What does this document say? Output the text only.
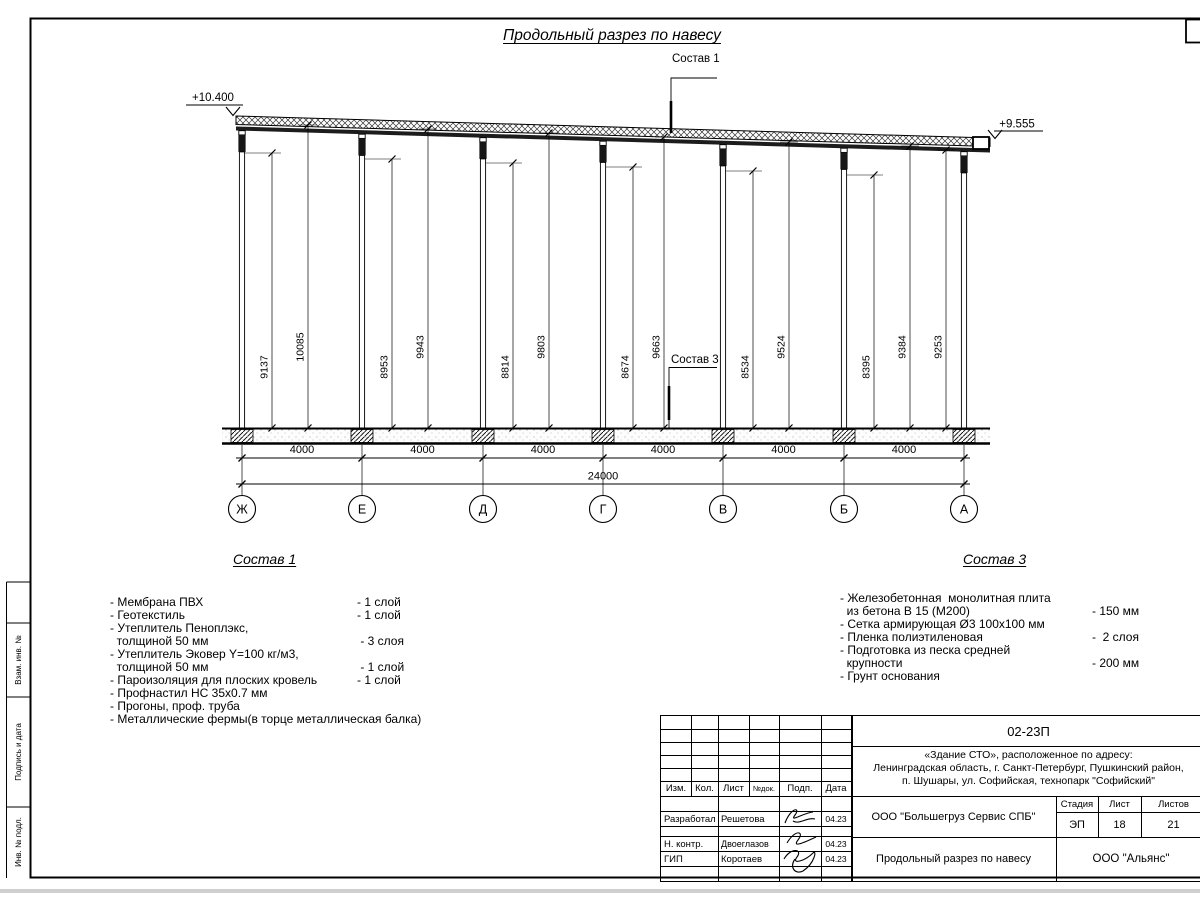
Взам. инв. №
Подпись и дата
Инв. № подл.
9137
10085
8953
9943
8814
9803
8674
9663
8534
9524
8395
9384 9253
4000	4000	4000	4000	4000	4000
24000
Ж	Е	Д	Г	В	Б	А
+10.400
+9.555
Состав 1
Состав 3
Продольный разрез по навесу
Состав 1
- Мембрана ПВХ	- 1 слой
- Геотекстиль	- 1 слой
- Утеплитель Пеноплэкс,
толщиной 50 мм	- 3 слоя
- Утеплитель Эковер Y=100 кг/м3,
толщиной 50 мм	- 1 слой
- Пароизоляция для плоских кровель	- 1 слой
- Профнастил НС 35х0.7 мм
- Прогоны, проф. труба
- Металлические фермы(в торце металлическая балка)
Состав 3
- Железобетонная  монолитная плита
из бетона В 15 (М200)	- 150 мм
- Сетка армирующая Ø3 100х100 мм
- Пленка полиэтиленовая	-  2 слоя
- Подготовка из песка средней
крупности	- 200 мм
- Грунт основания
Изм. Кол. Лист	№док.	Подп.	Дата
Разработал Решетова	04.23
Н. контр.	Двоеглазов	04.23
ГИП	Коротаев	04.23
02-23П
«Здание СТО», расположенное по адресу:
Ленинградская область, г. Санкт-Петербург, Пушкинский район,
п. Шушары, ул. Софийская, технопарк "Софийский"
ООО "Большегруз Сервис СПБ"
Продольный разрез по навесу
Стадия	Лист	Листов
ЭП	18	21
ООО "Альянс"
